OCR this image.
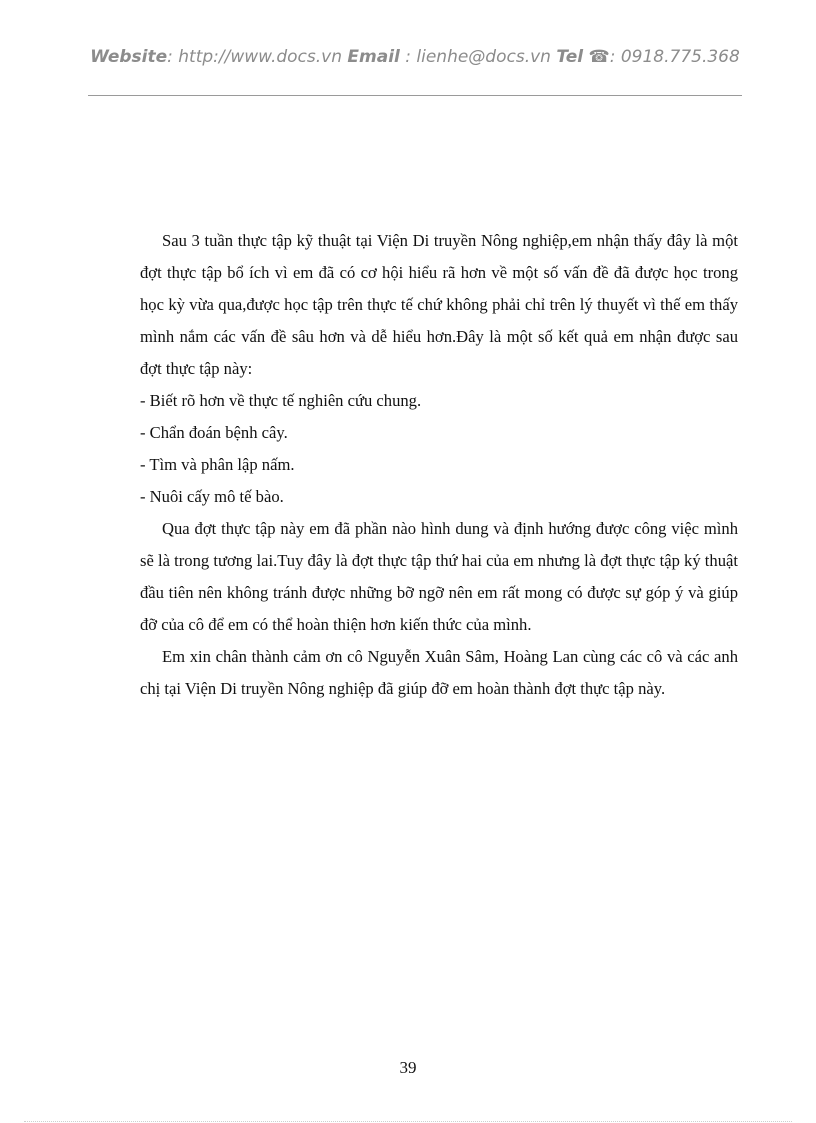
Website: http://www.docs.vn Email : lienhe@docs.vn Tel ☎: 0918.775.368

Sau 3 tuần thực tập kỹ thuật tại Viện Di truyền Nông nghiệp,em nhận thấy đây là một đợt thực tập bổ ích vì em đã có cơ hội hiểu rã hơn về một số vấn đề đã được học trong học kỳ vừa qua,được học tập trên thực tế chứ không phải chỉ trên lý thuyết vì thế em thấy mình nắm các vấn đề sâu hơn và dễ hiểu hơn.Đây là một số kết quả em nhận được sau đợt thực tập này:

- Biết rõ hơn về thực tế nghiên cứu chung.

- Chẩn đoán bệnh cây.

- Tìm và phân lập nấm.

- Nuôi cấy mô tế bào.

Qua đợt thực tập này em đã phần nào hình dung và định hướng được công việc mình sẽ là trong tương lai.Tuy đây là đợt thực tập thứ hai của em nhưng là đợt thực tập ký thuật đầu tiên nên không tránh được những bỡ ngỡ nên em rất mong có được sự góp ý và giúp đỡ của cô để em có thể hoàn thiện hơn kiến thức của mình.

Em xin chân thành cảm ơn cô Nguyễn Xuân Sâm, Hoàng Lan cùng các cô và các anh chị tại Viện Di truyền Nông nghiệp đã giúp đỡ em hoàn thành đợt thực tập này.

39
